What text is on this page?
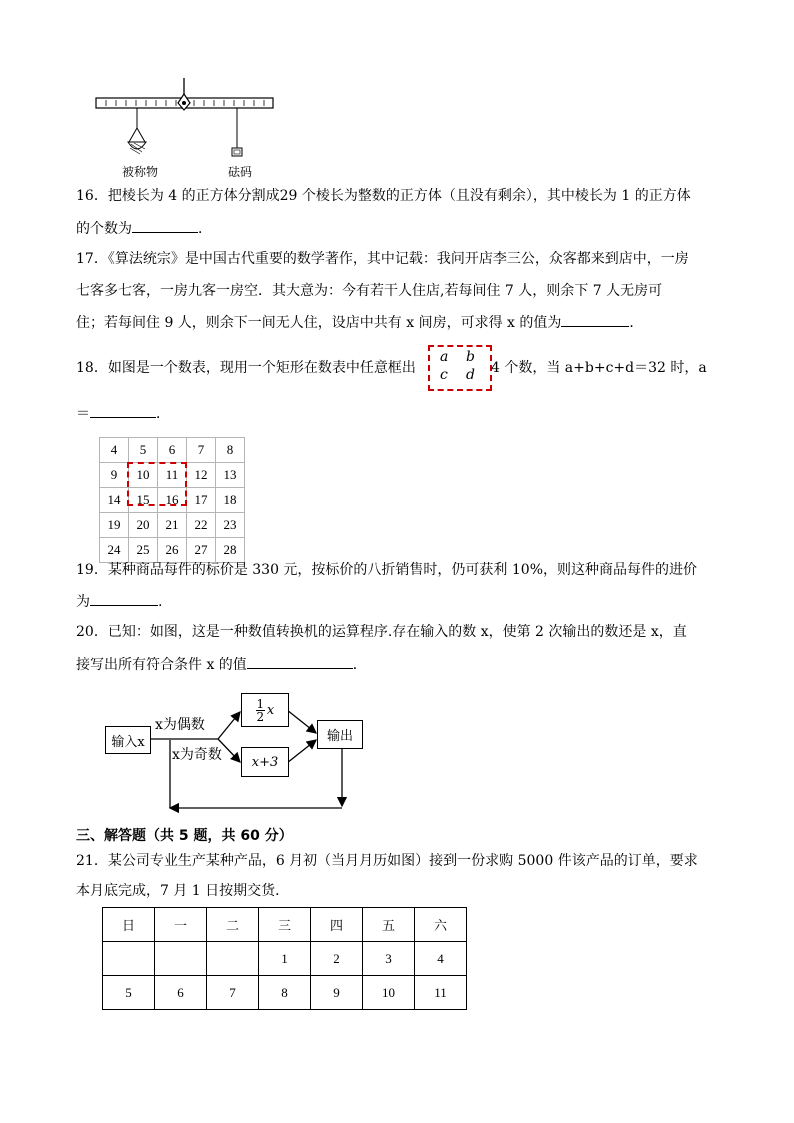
被称物	砝码
16．把棱长为 4 的正方体分割成29 个棱长为整数的正方体（且没有剩余），其中棱长为 1 的正方体
的个数为	．
17．《算法统宗》是中国古代重要的数学著作，其中记载：我问开店李三公，众客都来到店中，一房
七客多七客，一房九客一房空．其大意为：今有若干人住店,若每间住 7 人，则余下 7 人无房可
住；若每间住 9 人，则余下一间无人住，设店中共有 x 间房，可求得 x 的值为	．
18．如图是一个数表，现用一个矩形在数表中任意框出
a b
c d 4 个数，当 a+b+c+d＝32 时，a
＝	．
4	5	6	7	8
9	10	11	12	13
14	15	16	17	18
19	20	21	22	23
24	25	26	27	28
19．某种商品每件的标价是 330 元，按标价的八折销售时，仍可获利 10%，则这种商品每件的进价
为	.
20．已知：如图，这是一种数值转换机的运算程序.存在输入的数 x，使第 2 次输出的数还是 x，直
接写出所有符合条件 x 的值	．
输入x
x为偶数
x为奇数
1
2 x
x+3
输出
三、解答题（共 5 题，共 60 分）
21．某公司专业生产某种产品，6 月初（当月月历如图）接到一份求购 5000 件该产品的订单，要求
本月底完成，7 月 1 日按期交货．
日	一	二	三	四	五	六
			1	2	3	4
5	6	7	8	9	10	11
